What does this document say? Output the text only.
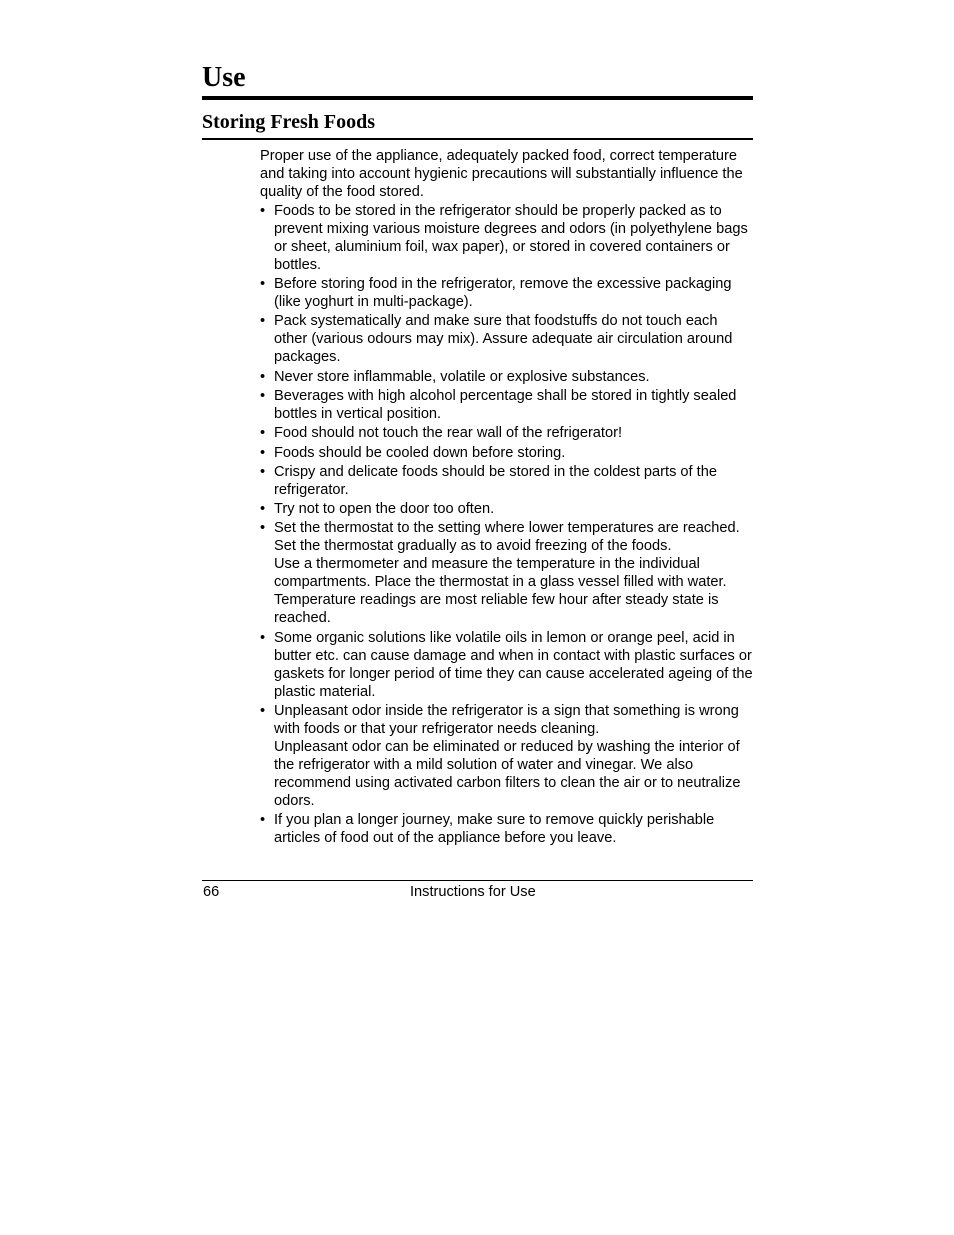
Use
Storing Fresh Foods

Proper use of the appliance, adequately packed food, correct temperature and taking into account hygienic precautions will substantially influence the quality of the food stored.

• Foods to be stored in the refrigerator should be properly packed as to prevent mixing various moisture degrees and odors (in polyethylene bags or sheet, aluminium foil, wax paper), or stored in covered containers or bottles.
• Before storing food in the refrigerator, remove the excessive packaging (like yoghurt in multi-package).
• Pack systematically and make sure that foodstuffs do not touch each other (various odours may mix). Assure adequate air circulation around packages.
• Never store inflammable, volatile or explosive substances.
• Beverages with high alcohol percentage shall be stored in tightly sealed bottles in vertical position.
• Food should not touch the rear wall of the refrigerator!
• Foods should be cooled down before storing.
• Crispy and delicate foods should be stored in the coldest parts of the refrigerator.
• Try not to open the door too often.
• Set the thermostat to the setting where lower temperatures are reached. Set the thermostat gradually as to avoid freezing of the foods.
Use a thermometer and measure the temperature in the individual compartments. Place the thermostat in a glass vessel filled with water. Temperature readings are most reliable few hour after steady state is reached.
• Some organic solutions like volatile oils in lemon or orange peel, acid in butter etc. can cause damage and when in contact with plastic surfaces or gaskets for longer period of time they can cause accelerated ageing of the plastic material.
• Unpleasant odor inside the refrigerator is a sign that something is wrong with foods or that your refrigerator needs cleaning.
Unpleasant odor can be eliminated or reduced by washing the interior of the refrigerator with a mild solution of water and vinegar. We also recommend using activated carbon filters to clean the air or to neutralize odors.
• If you plan a longer journey, make sure to remove quickly perishable articles of food out of the appliance before you leave.
66	Instructions for Use
